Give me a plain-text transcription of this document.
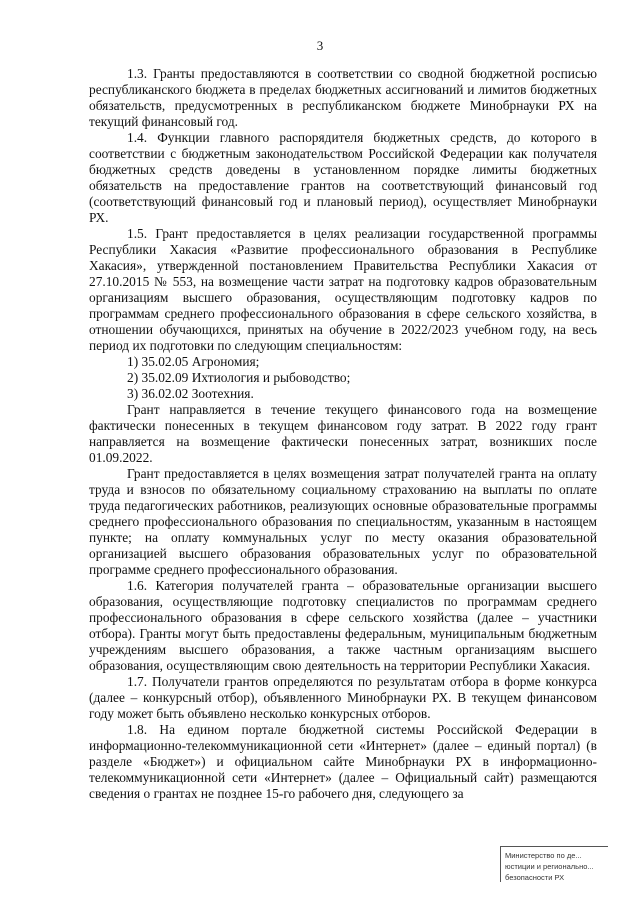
3

1.3. Гранты предоставляются в соответствии со сводной бюджетной росписью республиканского бюджета в пределах бюджетных ассигнований и лимитов бюджетных обязательств, предусмотренных в республиканском бюджете Минобрнауки РХ на текущий финансовый год.

1.4. Функции главного распорядителя бюджетных средств, до которого в соответствии с бюджетным законодательством Российской Федерации как получателя бюджетных средств доведены в установленном порядке лимиты бюджетных обязательств на предоставление грантов на соответствующий финансовый год (соответствующий финансовый год и плановый период), осуществляет Минобрнауки РХ.

1.5. Грант предоставляется в целях реализации государственной программы Республики Хакасия «Развитие профессионального образования в Республике Хакасия», утвержденной постановлением Правительства Республики Хакасия от 27.10.2015 № 553, на возмещение части затрат на подготовку кадров образовательным организациям высшего образования, осуществляющим подготовку кадров по программам среднего профессионального образования в сфере сельского хозяйства, в отношении обучающихся, принятых на обучение в 2022/2023 учебном году, на весь период их подготовки по следующим специальностям:

1) 35.02.05 Агрономия;

2) 35.02.09 Ихтиология и рыбоводство;

3) 36.02.02 Зоотехния.

Грант направляется в течение текущего финансового года на возмещение фактически понесенных в текущем финансовом году затрат. В 2022 году грант направляется на возмещение фактически понесенных затрат, возникших после 01.09.2022.

Грант предоставляется в целях возмещения затрат получателей гранта на оплату труда и взносов по обязательному социальному страхованию на выплаты по оплате труда педагогических работников, реализующих основные образовательные программы среднего профессионального образования по специальностям, указанным в настоящем пункте; на оплату коммунальных услуг по месту оказания образовательной организацией высшего образования образовательных услуг по образовательной программе среднего профессионального образования.

1.6. Категория получателей гранта – образовательные организации высшего образования, осуществляющие подготовку специалистов по программам среднего профессионального образования в сфере сельского хозяйства (далее – участники отбора). Гранты могут быть предоставлены федеральным, муниципальным бюджетным учреждениям высшего образования, а также частным организациям высшего образования, осуществляющим свою деятельность на территории Республики Хакасия.

1.7. Получатели грантов определяются по результатам отбора в форме конкурса (далее – конкурсный отбор), объявленного Минобрнауки РХ. В текущем финансовом году может быть объявлено несколько конкурсных отборов.

1.8. На едином портале бюджетной системы Российской Федерации в информационно-телекоммуникационной сети «Интернет» (далее – единый портал) (в разделе «Бюджет») и официальном сайте Минобрнауки РХ в информационно-телекоммуникационной сети «Интернет» (далее – Официальный сайт) размещаются сведения о грантах не позднее 15-го рабочего дня, следующего за

Министерство по де...
юстиции и регионально...
безопасности РХ
